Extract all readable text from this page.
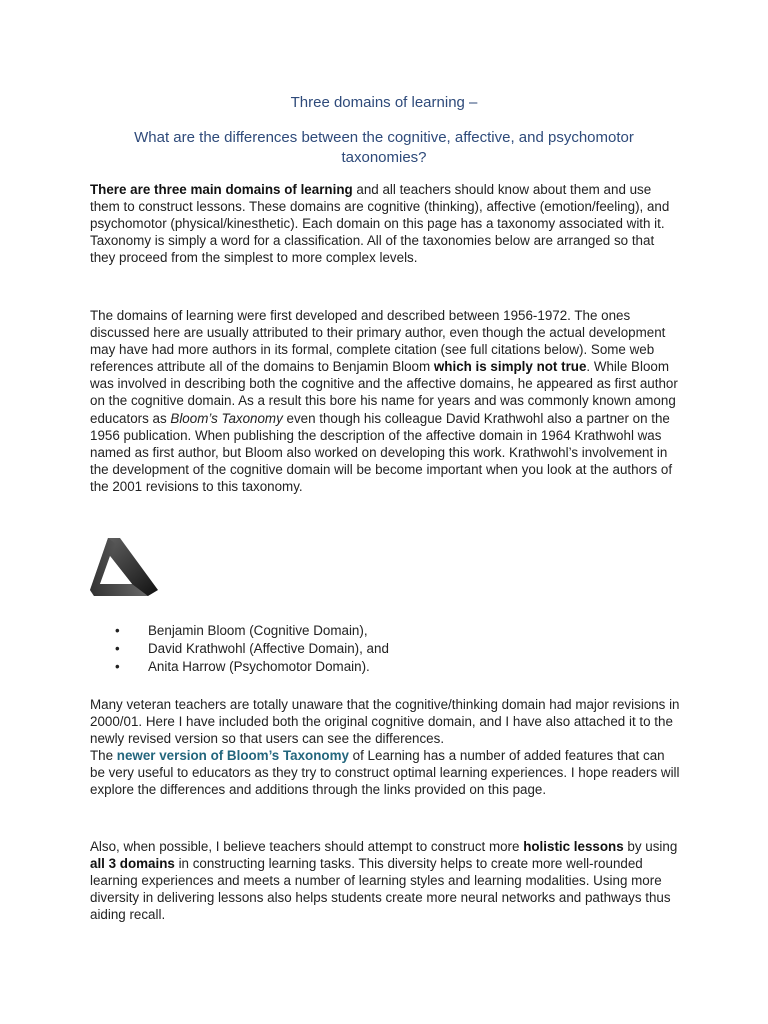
Three domains of learning –
What are the differences between the cognitive, affective, and psychomotor taxonomies?

There are three main domains of learning and all teachers should know about them and use them to construct lessons. These domains are cognitive (thinking), affective (emotion/feeling), and psychomotor (physical/kinesthetic). Each domain on this page has a taxonomy associated with it. Taxonomy is simply a word for a classification. All of the taxonomies below are arranged so that they proceed from the simplest to more complex levels.

The domains of learning were first developed and described between 1956-1972. The ones discussed here are usually attributed to their primary author, even though the actual development may have had more authors in its formal, complete citation (see full citations below). Some web references attribute all of the domains to Benjamin Bloom which is simply not true. While Bloom was involved in describing both the cognitive and the affective domains, he appeared as first author on the cognitive domain. As a result this bore his name for years and was commonly known among educators as Bloom’s Taxonomy even though his colleague David Krathwohl also a partner on the 1956 publication. When publishing the description of the affective domain in 1964 Krathwohl was named as first author, but Bloom also worked on developing this work. Krathwohl’s involvement in the development of the cognitive domain will be become important when you look at the authors of the 2001 revisions to this taxonomy.

• Benjamin Bloom (Cognitive Domain),
• David Krathwohl (Affective Domain), and
• Anita Harrow (Psychomotor Domain).

Many veteran teachers are totally unaware that the cognitive/thinking domain had major revisions in 2000/01. Here I have included both the original cognitive domain, and I have also attached it to the newly revised version so that users can see the differences.
The newer version of Bloom’s Taxonomy of Learning has a number of added features that can be very useful to educators as they try to construct optimal learning experiences. I hope readers will explore the differences and additions through the links provided on this page.

Also, when possible, I believe teachers should attempt to construct more holistic lessons by using all 3 domains in constructing learning tasks. This diversity helps to create more well-rounded learning experiences and meets a number of learning styles and learning modalities. Using more diversity in delivering lessons also helps students create more neural networks and pathways thus aiding recall.
